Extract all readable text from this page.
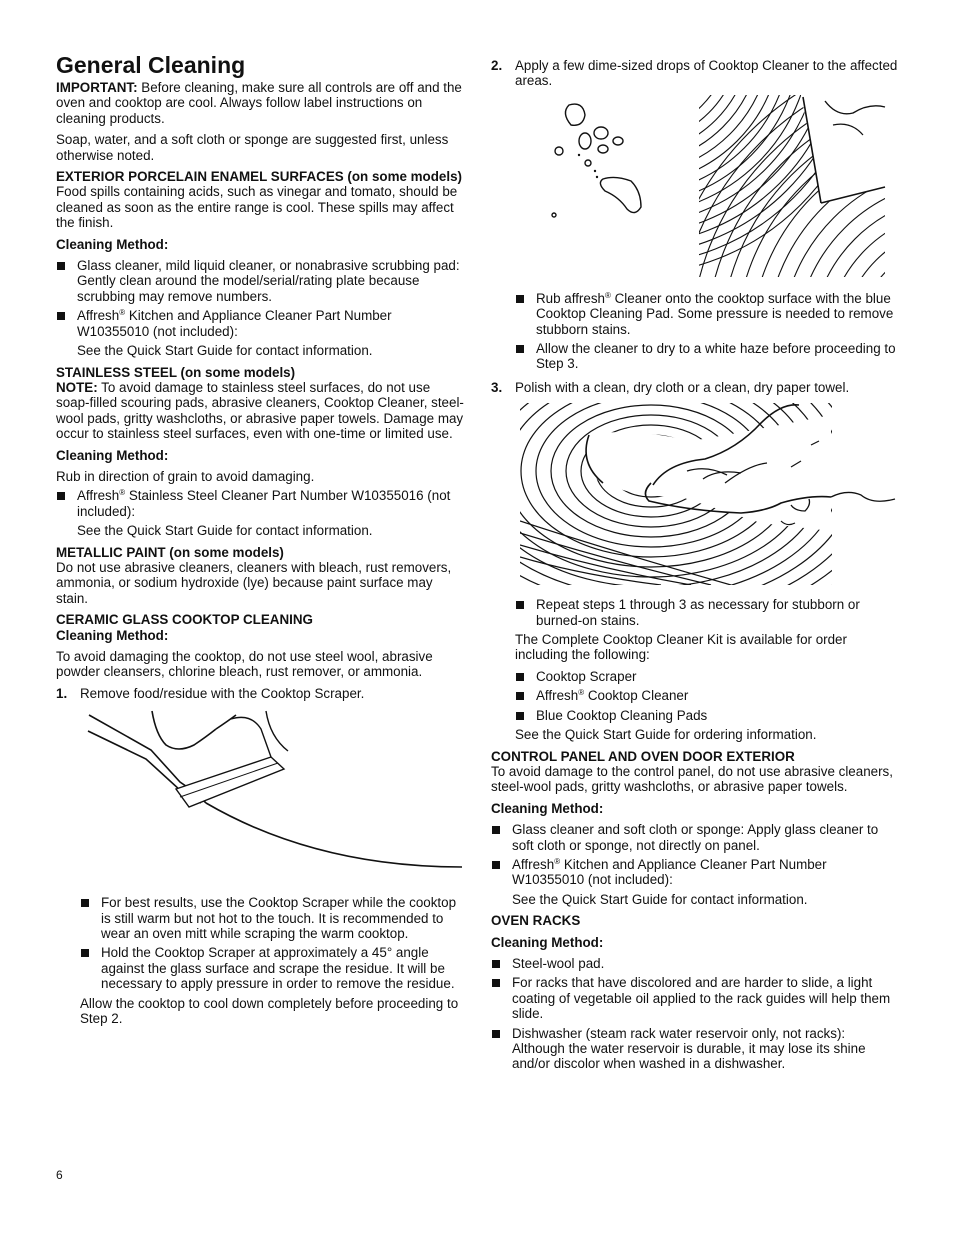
General Cleaning

IMPORTANT: Before cleaning, make sure all controls are off and the oven and cooktop are cool. Always follow label instructions on cleaning products.

Soap, water, and a soft cloth or sponge are suggested first, unless otherwise noted.

EXTERIOR PORCELAIN ENAMEL SURFACES (on some models)

Food spills containing acids, such as vinegar and tomato, should be cleaned as soon as the entire range is cool. These spills may affect the finish.

Cleaning Method:

Glass cleaner, mild liquid cleaner, or nonabrasive scrubbing pad: Gently clean around the model/serial/rating plate because scrubbing may remove numbers.
Affresh® Kitchen and Appliance Cleaner Part Number W10355010 (not included):

See the Quick Start Guide for contact information.

STAINLESS STEEL (on some models)

NOTE: To avoid damage to stainless steel surfaces, do not use soap-filled scouring pads, abrasive cleaners, Cooktop Cleaner, steel-wool pads, gritty washcloths, or abrasive paper towels. Damage may occur to stainless steel surfaces, even with one-time or limited use.

Cleaning Method:

Rub in direction of grain to avoid damaging.

Affresh® Stainless Steel Cleaner Part Number W10355016 (not included):

See the Quick Start Guide for contact information.

METALLIC PAINT (on some models)

Do not use abrasive cleaners, cleaners with bleach, rust removers, ammonia, or sodium hydroxide (lye) because paint surface may stain.

CERAMIC GLASS COOKTOP CLEANING

Cleaning Method:

To avoid damaging the cooktop, do not use steel wool, abrasive powder cleansers, chlorine bleach, rust remover, or ammonia.

1. Remove food/residue with the Cooktop Scraper.
For best results, use the Cooktop Scraper while the cooktop is still warm but not hot to the touch. It is recommended to wear an oven mitt while scraping the warm cooktop.
Hold the Cooktop Scraper at approximately a 45° angle against the glass surface and scrape the residue. It will be necessary to apply pressure in order to remove the residue.

Allow the cooktop to cool down completely before proceeding to Step 2.

2. Apply a few dime-sized drops of Cooktop Cleaner to the affected areas.
Rub affresh® Cleaner onto the cooktop surface with the blue Cooktop Cleaning Pad. Some pressure is needed to remove stubborn stains.
Allow the cleaner to dry to a white haze before proceeding to Step 3.
3. Polish with a clean, dry cloth or a clean, dry paper towel.
Repeat steps 1 through 3 as necessary for stubborn or burned-on stains.

The Complete Cooktop Cleaner Kit is available for order including the following:

Cooktop Scraper
Affresh® Cooktop Cleaner
Blue Cooktop Cleaning Pads

See the Quick Start Guide for ordering information.

CONTROL PANEL AND OVEN DOOR EXTERIOR

To avoid damage to the control panel, do not use abrasive cleaners, steel-wool pads, gritty washcloths, or abrasive paper towels.

Cleaning Method:

Glass cleaner and soft cloth or sponge: Apply glass cleaner to soft cloth or sponge, not directly on panel.
Affresh® Kitchen and Appliance Cleaner Part Number W10355010 (not included):

See the Quick Start Guide for contact information.

OVEN RACKS

Cleaning Method:

Steel-wool pad.
For racks that have discolored and are harder to slide, a light coating of vegetable oil applied to the rack guides will help them slide.
Dishwasher (steam rack water reservoir only, not racks): Although the water reservoir is durable, it may lose its shine and/or discolor when washed in a dishwasher.
6
